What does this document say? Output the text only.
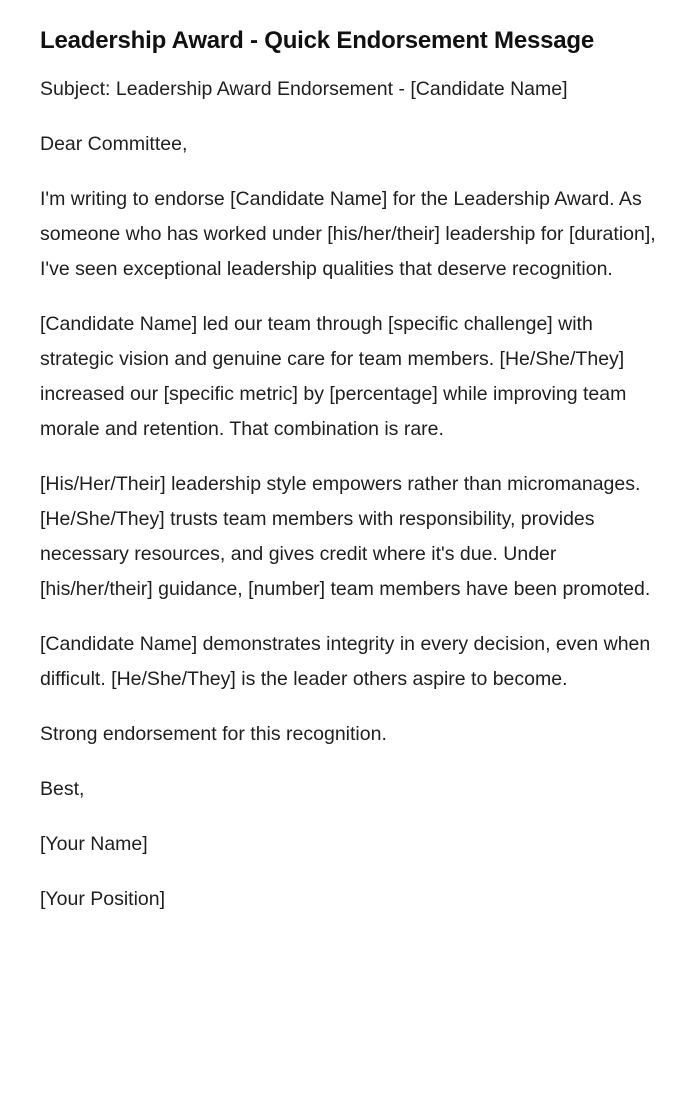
Leadership Award - Quick Endorsement Message

Subject: Leadership Award Endorsement - [Candidate Name]

Dear Committee,

I'm writing to endorse [Candidate Name] for the Leadership Award. As someone who has worked under [his/her/their] leadership for [duration], I've seen exceptional leadership qualities that deserve recognition.

[Candidate Name] led our team through [specific challenge] with strategic vision and genuine care for team members. [He/She/They] increased our [specific metric] by [percentage] while improving team morale and retention. That combination is rare.

[His/Her/Their] leadership style empowers rather than micromanages. [He/She/They] trusts team members with responsibility, provides necessary resources, and gives credit where it's due. Under [his/her/their] guidance, [number] team members have been promoted.

[Candidate Name] demonstrates integrity in every decision, even when difficult. [He/She/They] is the leader others aspire to become.

Strong endorsement for this recognition.

Best,

[Your Name]

[Your Position]
